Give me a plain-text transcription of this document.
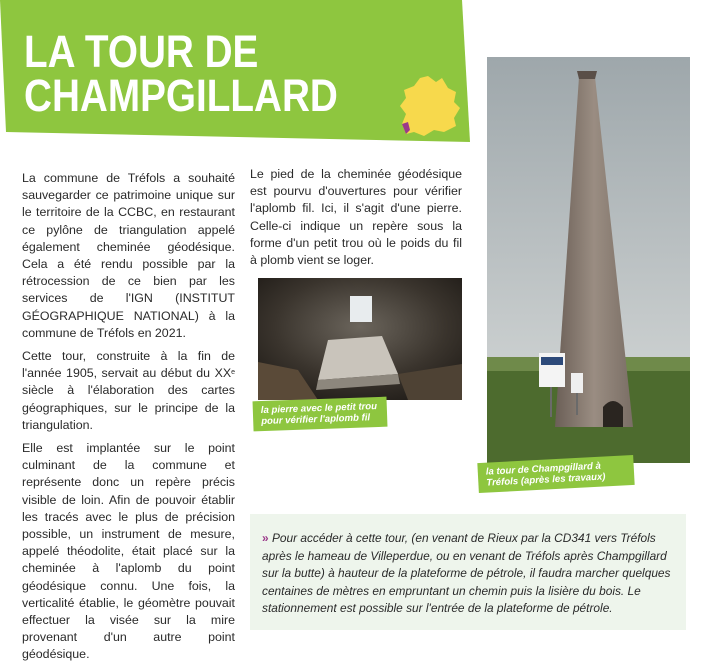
LA TOUR DE
CHAMPGILLARD

La commune de Tréfols a souhaité sauvegarder ce patrimoine unique sur le territoire de la CCBC, en restaurant ce pylône de triangulation appelé également cheminée géodésique. Cela a été rendu possible par la rétrocession de ce bien par les services de l'IGN (INSTITUT GÉOGRAPHIQUE NATIONAL) à la commune de Tréfols en 2021.

Cette tour, construite à la fin de l'année 1905, servait au début du XXe siècle à l'élaboration des cartes géographiques, sur le principe de la triangulation.

Elle est implantée sur le point culminant de la commune et représente donc un repère précis visible de loin. Afin de pouvoir établir les tracés avec le plus de précision possible, un instrument de mesure, appelé théodolite, était placé sur la cheminée à l'aplomb du point géodésique connu. Une fois, la verticalité établie, le géomètre pouvait effectuer la visée sur la mire provenant d'un autre point géodésique.

Le pied de la cheminée géodésique est pourvu d'ouvertures pour vérifier l'aplomb fil. Ici, il s'agit d'une pierre. Celle-ci indique un repère sous la forme d'un petit trou où le poids du fil à plomb vient se loger.

la pierre avec le petit trou pour vérifier l'aplomb fil
la tour de Champgillard à Tréfols (après les travaux)

» Pour accéder à cette tour, (en venant de Rieux par la CD341 vers Tréfols après le hameau de Villeperdue, ou en venant de Tréfols après Champgillard sur la butte) à hauteur de la plateforme de pétrole, il faudra marcher quelques centaines de mètres en empruntant un chemin puis la lisière du bois. Le stationnement est possible sur l'entrée de la plateforme de pétrole.
